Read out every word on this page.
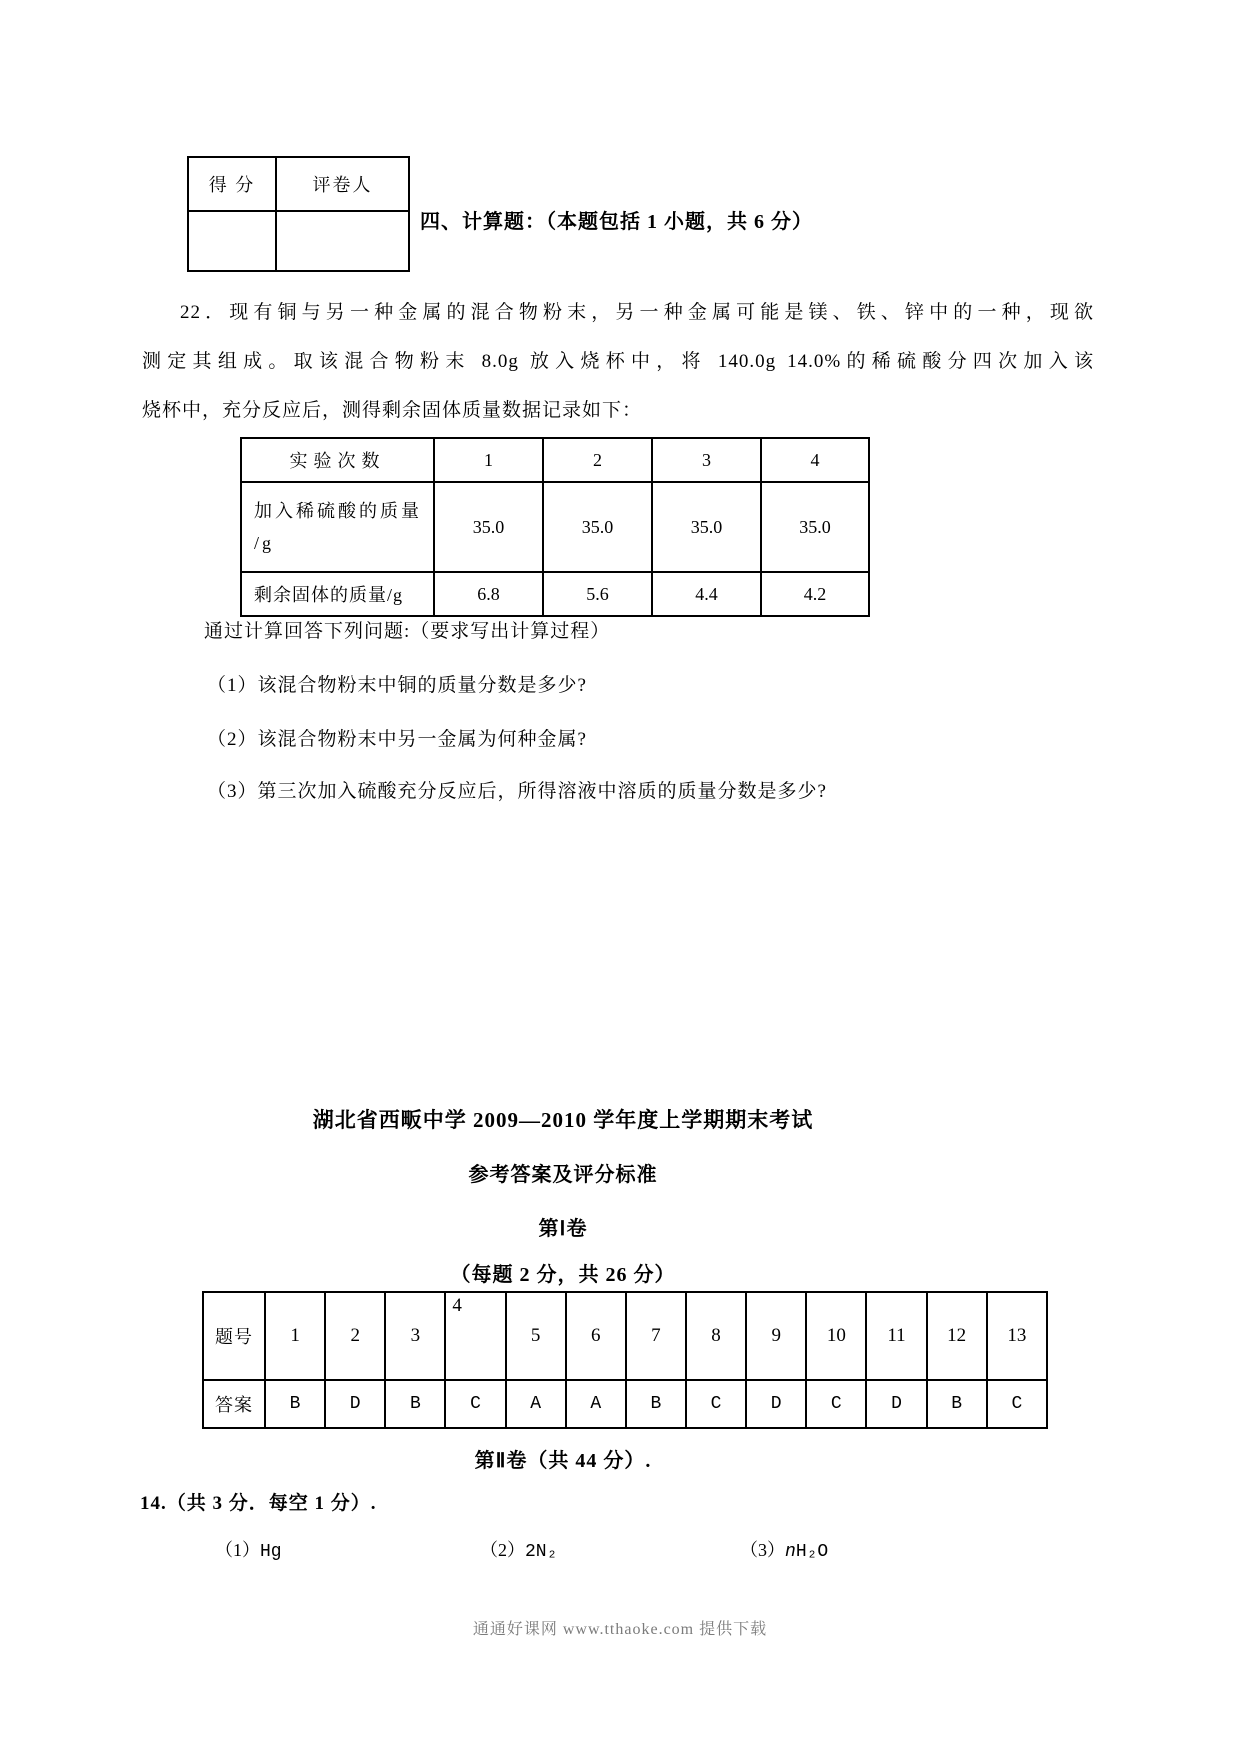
得 分	评卷人

四、计算题：（本题包括 1 小题，共 6 分）

22．现有铜与另一种金属的混合物粉末，另一种金属可能是镁、铁、锌中的一种，现欲

测定其组成。取该混合物粉末 8.0g 放入烧杯中，将 140.0g 14.0%的稀硫酸分四次加入该

烧杯中，充分反应后，测得剩余固体质量数据记录如下：

实验次数	1	2	3	4

加入稀硫酸的质量
/g	35.0	35.0	35.0	35.0
剩余固体的质量/g	6.8	5.6	4.4	4.2
通过计算回答下列问题:（要求写出计算过程）
（1）该混合物粉末中铜的质量分数是多少?
（2）该混合物粉末中另一金属为何种金属?
（3）第三次加入硫酸充分反应后，所得溶液中溶质的质量分数是多少?
湖北省西畈中学 2009—2010 学年度上学期期末考试
参考答案及评分标准
第Ⅰ卷
（每题 2 分，共 26 分）
题号	1	2	3	4	5	6	7	8	9	10	11	12	13
答案	B	D	B	C	A	A	B	C	D	C	D	B	C
第Ⅱ卷（共 44 分）.
14.（共 3 分．每空 1 分）.
（1）Hg	（2）2N₂	（3）nH₂O
通通好课网 www.tthaoke.com 提供下载
